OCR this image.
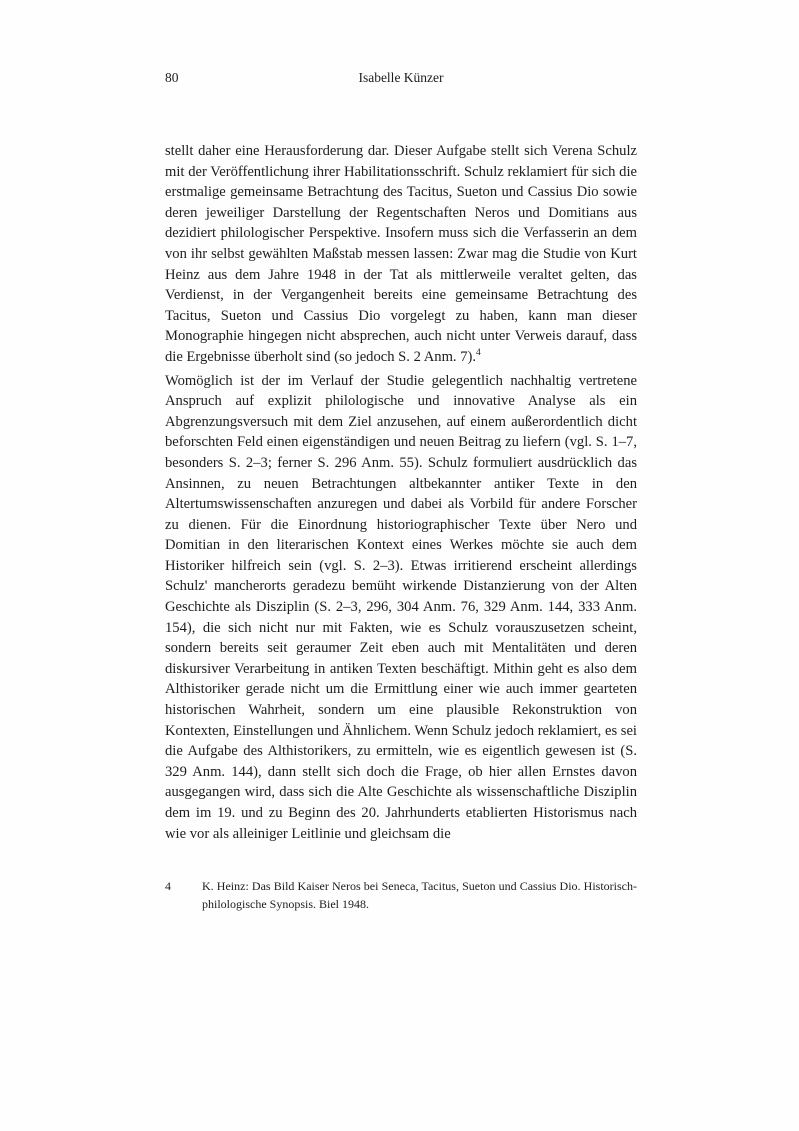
80	Isabelle Künzer

stellt daher eine Herausforderung dar. Dieser Aufgabe stellt sich Verena Schulz mit der Veröffentlichung ihrer Habilitationsschrift. Schulz reklamiert für sich die erstmalige gemeinsame Betrachtung des Tacitus, Sueton und Cassius Dio sowie deren jeweiliger Darstellung der Regentschaften Neros und Domitians aus dezidiert philologischer Perspektive. Insofern muss sich die Verfasserin an dem von ihr selbst gewählten Maßstab messen lassen: Zwar mag die Studie von Kurt Heinz aus dem Jahre 1948 in der Tat als mittlerweile veraltet gelten, das Verdienst, in der Vergangenheit bereits eine gemeinsame Betrachtung des Tacitus, Sueton und Cassius Dio vorgelegt zu haben, kann man dieser Monographie hingegen nicht absprechen, auch nicht unter Verweis darauf, dass die Ergebnisse überholt sind (so jedoch S. 2 Anm. 7).$^4$

Womöglich ist der im Verlauf der Studie gelegentlich nachhaltig vertretene Anspruch auf explizit philologische und innovative Analyse als ein Abgrenzungsversuch mit dem Ziel anzusehen, auf einem außerordentlich dicht beforschten Feld einen eigenständigen und neuen Beitrag zu liefern (vgl. S. 1–7, besonders S. 2–3; ferner S. 296 Anm. 55). Schulz formuliert ausdrücklich das Ansinnen, zu neuen Betrachtungen altbekannter antiker Texte in den Altertumswissenschaften anzuregen und dabei als Vorbild für andere Forscher zu dienen. Für die Einordnung historiographischer Texte über Nero und Domitian in den literarischen Kontext eines Werkes möchte sie auch dem Historiker hilfreich sein (vgl. S. 2–3). Etwas irritierend erscheint allerdings Schulz' mancherorts geradezu bemüht wirkende Distanzierung von der Alten Geschichte als Disziplin (S. 2–3, 296, 304 Anm. 76, 329 Anm. 144, 333 Anm. 154), die sich nicht nur mit Fakten, wie es Schulz vorauszusetzen scheint, sondern bereits seit geraumer Zeit eben auch mit Mentalitäten und deren diskursiver Verarbeitung in antiken Texten beschäftigt. Mithin geht es also dem Althistoriker gerade nicht um die Ermittlung einer wie auch immer gearteten historischen Wahrheit, sondern um eine plausible Rekonstruktion von Kontexten, Einstellungen und Ähnlichem. Wenn Schulz jedoch reklamiert, es sei die Aufgabe des Althistorikers, zu ermitteln, wie es eigentlich gewesen ist (S. 329 Anm. 144), dann stellt sich doch die Frage, ob hier allen Ernstes davon ausgegangen wird, dass sich die Alte Geschichte als wissenschaftliche Disziplin dem im 19. und zu Beginn des 20. Jahrhunderts etablierten Historismus nach wie vor als alleiniger Leitlinie und gleichsam die

4	K. Heinz: Das Bild Kaiser Neros bei Seneca, Tacitus, Sueton und Cassius Dio. Historisch-philologische Synopsis. Biel 1948.
